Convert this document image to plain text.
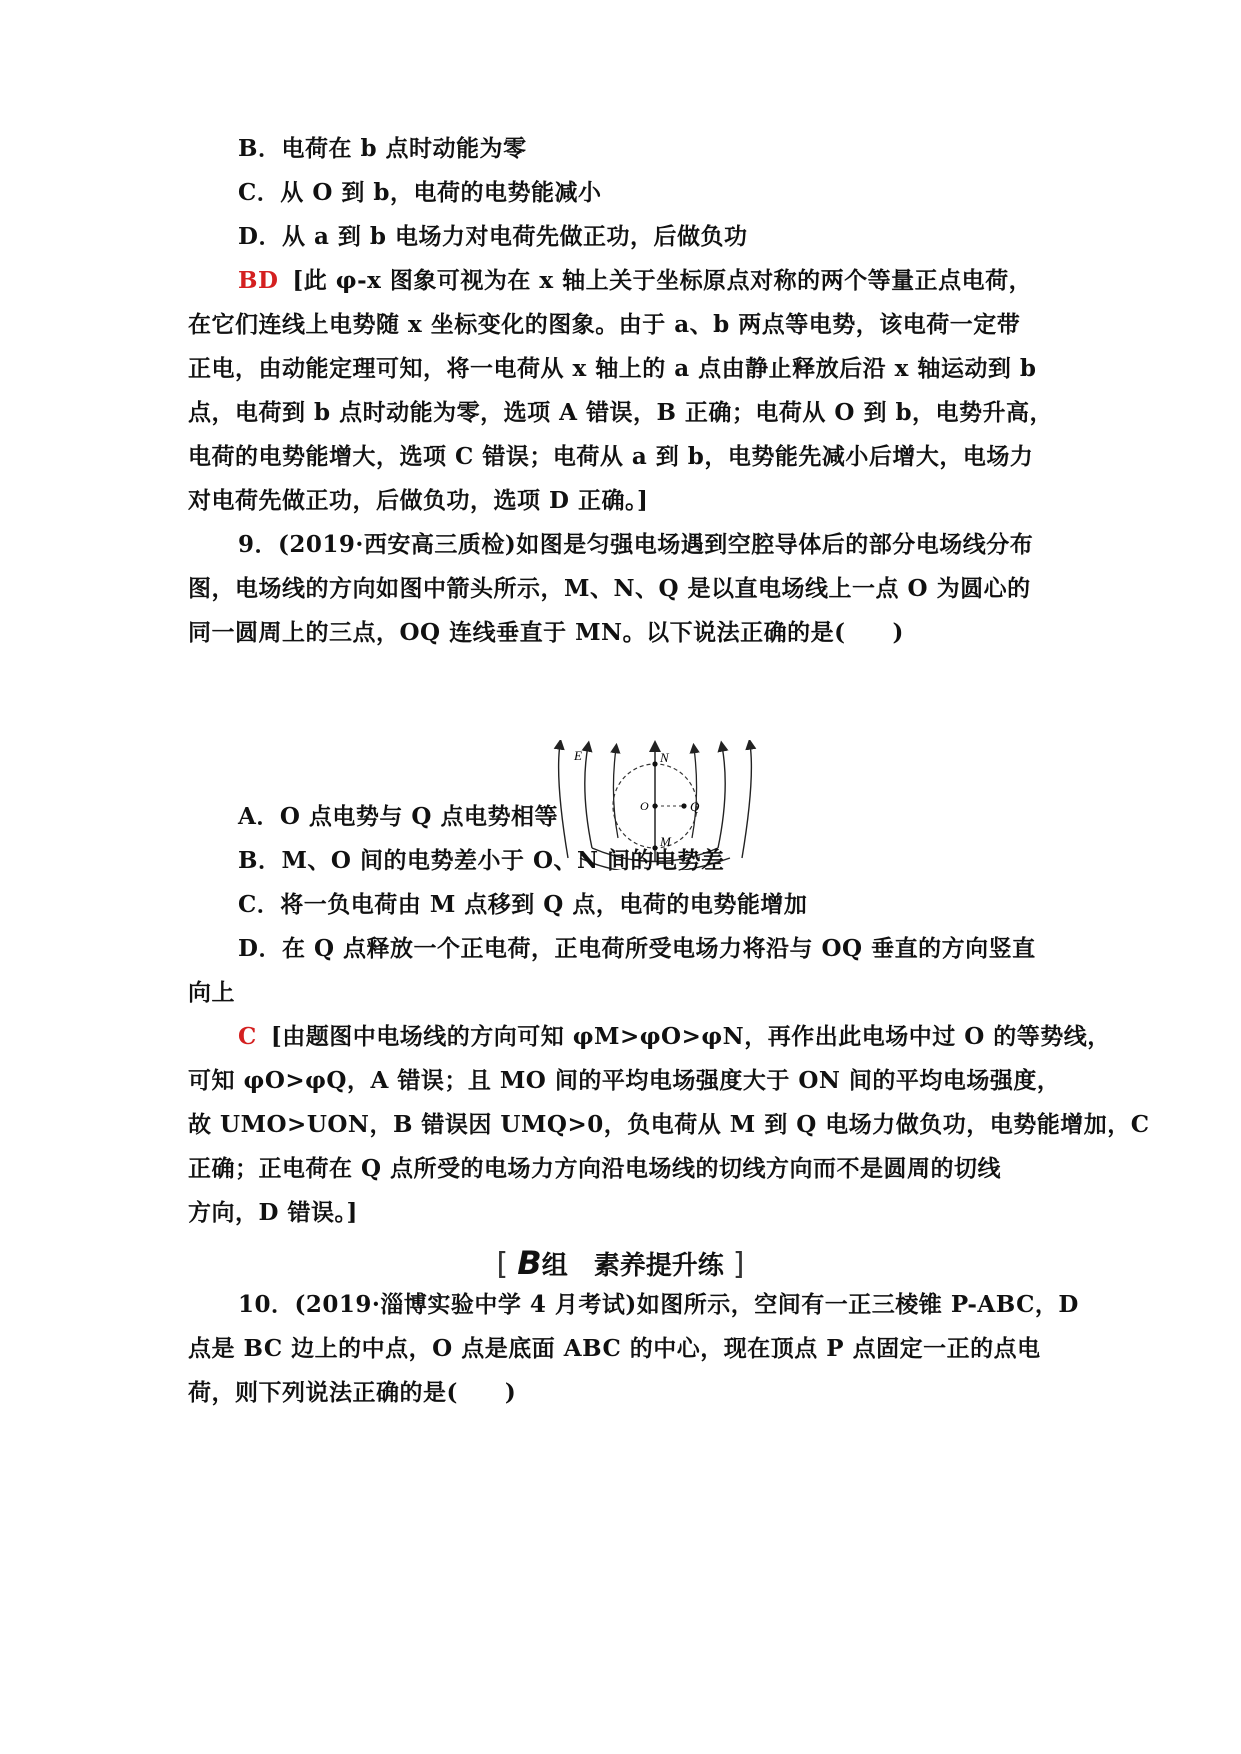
B．电荷在 b 点时动能为零
C．从 O 到 b，电荷的电势能减小
D．从 a 到 b 电场力对电荷先做正功，后做负功
BD [此 φ-x 图象可视为在 x 轴上关于坐标原点对称的两个等量正点电荷，
在它们连线上电势随 x 坐标变化的图象。由于 a、b 两点等电势，该电荷一定带
正电，由动能定理可知，将一电荷从 x 轴上的 a 点由静止释放后沿 x 轴运动到 b
点，电荷到 b 点时动能为零，选项 A 错误，B 正确；电荷从 O 到 b，电势升高，
电荷的电势能增大，选项 C 错误；电荷从 a 到 b，电势能先减小后增大，电场力
对电荷先做正功，后做负功，选项 D 正确。]
9．(2019·西安高三质检)如图是匀强电场遇到空腔导体后的部分电场线分布
图，电场线的方向如图中箭头所示，M、N、Q 是以直电场线上一点 O 为圆心的
同一圆周上的三点，OQ 连线垂直于 MN。以下说法正确的是(　　)
E	N
O	Q
M
A．O 点电势与 Q 点电势相等
B．M、O 间的电势差小于 O、N 间的电势差
C．将一负电荷由 M 点移到 Q 点，电荷的电势能增加
D．在 Q 点释放一个正电荷，正电荷所受电场力将沿与 OQ 垂直的方向竖直
向上
C [由题图中电场线的方向可知 φM>φO>φN，再作出此电场中过 O 的等势线，
可知 φO>φQ，A 错误；且 MO 间的平均电场强度大于 ON 间的平均电场强度，
故 UMO>UON，B 错误因 UMQ>0，负电荷从 M 到 Q 电场力做负功，电势能增加，C
正确；正电荷在 Q 点所受的电场力方向沿电场线的切线方向而不是圆周的切线
方向，D 错误。]
[ B组　素养提升练 ]
10．(2019·淄博实验中学 4 月考试)如图所示，空间有一正三棱锥 P-ABC，D
点是 BC 边上的中点，O 点是底面 ABC 的中心，现在顶点 P 点固定一正的点电
荷，则下列说法正确的是(　　)
